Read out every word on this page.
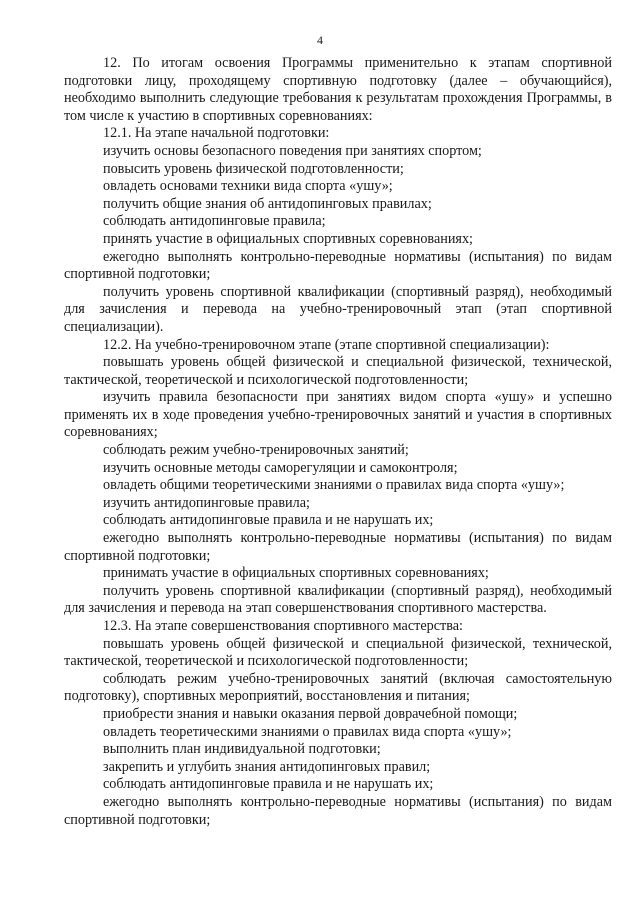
4

12. По итогам освоения Программы применительно к этапам спортивной подготовки лицу, проходящему спортивную подготовку (далее – обучающийся), необходимо выполнить следующие требования к результатам прохождения Программы, в том числе к участию в спортивных соревнованиях:

12.1. На этапе начальной подготовки:

изучить основы безопасного поведения при занятиях спортом;

повысить уровень физической подготовленности;

овладеть основами техники вида спорта «ушу»;

получить общие знания об антидопинговых правилах;

соблюдать антидопинговые правила;

принять участие в официальных спортивных соревнованиях;

ежегодно выполнять контрольно-переводные нормативы (испытания) по видам спортивной подготовки;

получить уровень спортивной квалификации (спортивный разряд), необходимый для зачисления и перевода на учебно-тренировочный этап (этап спортивной специализации).

12.2. На учебно-тренировочном этапе (этапе спортивной специализации):

повышать уровень общей физической и специальной физической, технической, тактической, теоретической и психологической подготовленности;

изучить правила безопасности при занятиях видом спорта «ушу» и успешно применять их в ходе проведения учебно-тренировочных занятий и участия в спортивных соревнованиях;

соблюдать режим учебно-тренировочных занятий;

изучить основные методы саморегуляции и самоконтроля;

овладеть общими теоретическими знаниями о правилах вида спорта «ушу»;

изучить антидопинговые правила;

соблюдать антидопинговые правила и не нарушать их;

ежегодно выполнять контрольно-переводные нормативы (испытания) по видам спортивной подготовки;

принимать участие в официальных спортивных соревнованиях;

получить уровень спортивной квалификации (спортивный разряд), необходимый для зачисления и перевода на этап совершенствования спортивного мастерства.

12.3. На этапе совершенствования спортивного мастерства:

повышать уровень общей физической и специальной физической, технической, тактической, теоретической и психологической подготовленности;

соблюдать режим учебно-тренировочных занятий (включая самостоятельную подготовку), спортивных мероприятий, восстановления и питания;

приобрести знания и навыки оказания первой доврачебной помощи;

овладеть теоретическими знаниями о правилах вида спорта «ушу»;

выполнить план индивидуальной подготовки;

закрепить и углубить знания антидопинговых правил;

соблюдать антидопинговые правила и не нарушать их;

ежегодно выполнять контрольно-переводные нормативы (испытания) по видам спортивной подготовки;
